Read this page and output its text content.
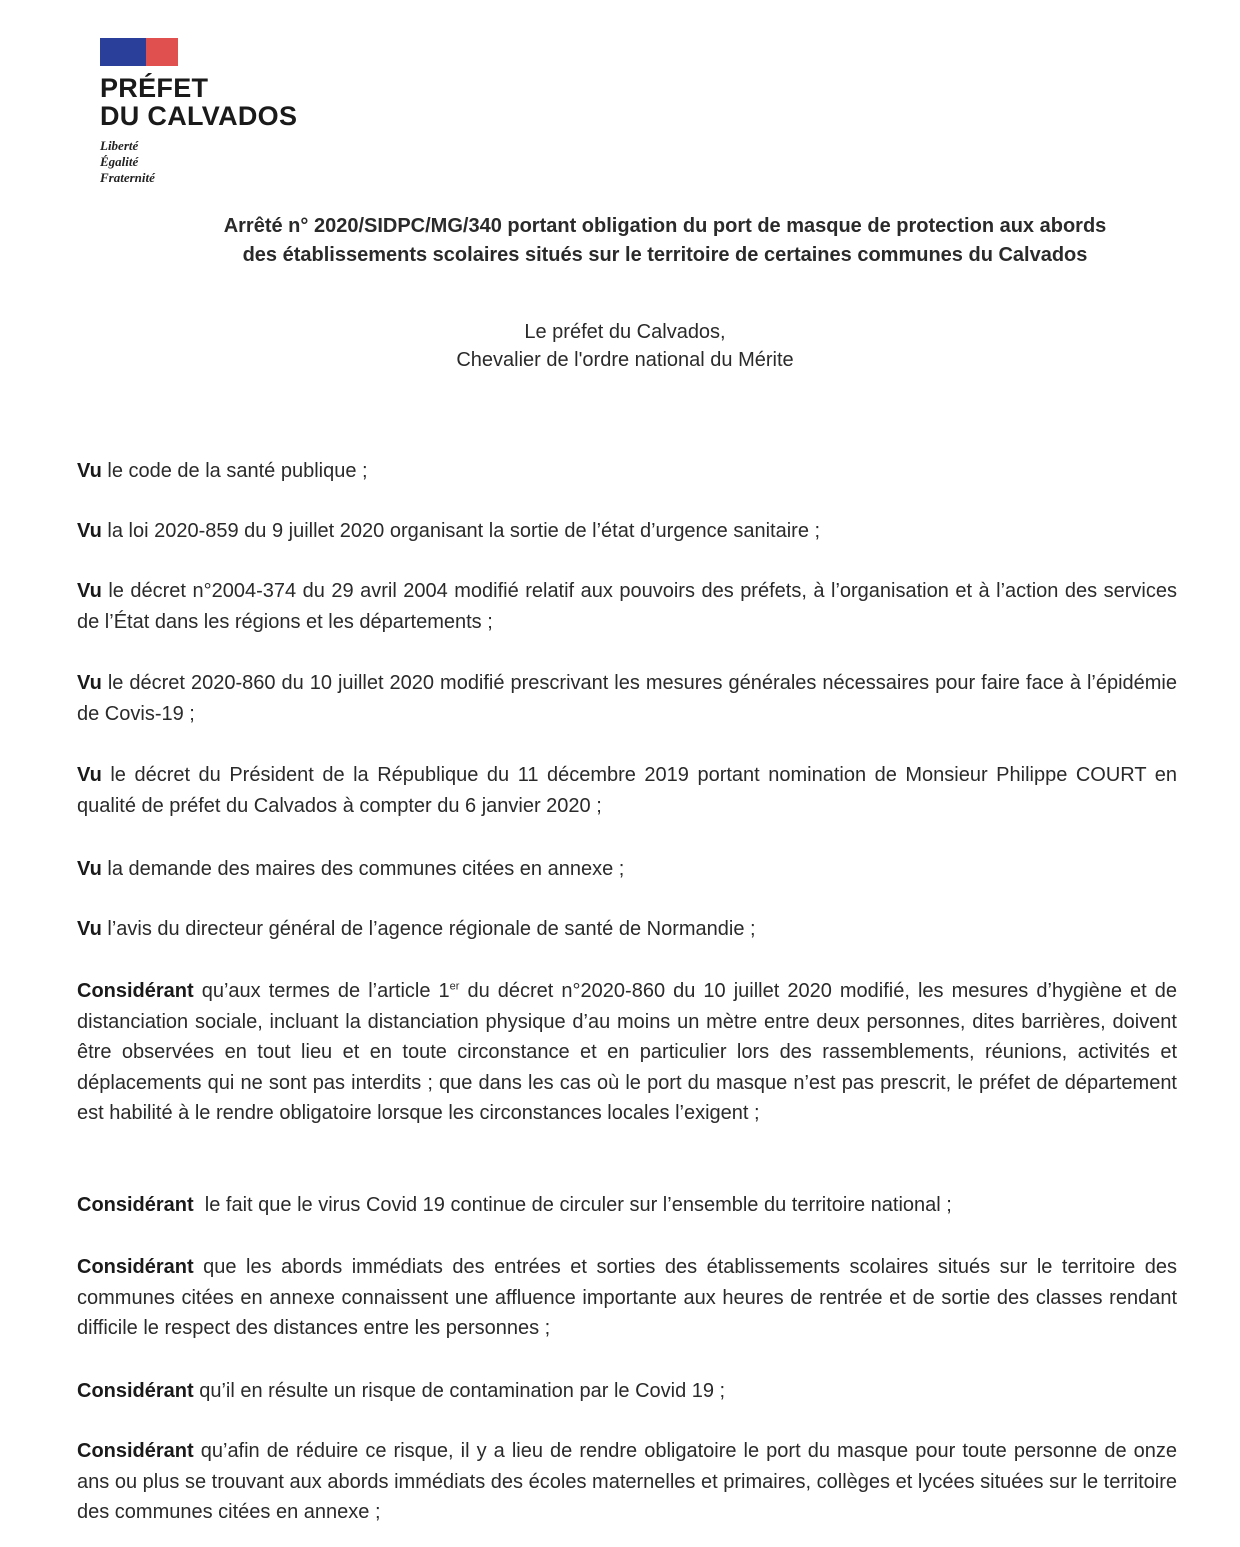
PRÉFET
DU CALVADOS
Liberté
Égalité
Fraternité
Arrêté n° 2020/SIDPC/MG/340 portant obligation du port de masque de protection aux abords
des établissements scolaires situés sur le territoire de certaines communes du Calvados
Le préfet du Calvados,
Chevalier de l'ordre national du Mérite

Vu le code de la santé publique ;

Vu la loi 2020-859 du 9 juillet 2020 organisant la sortie de l’état d’urgence sanitaire ;

Vu le décret n°2004-374 du 29 avril 2004 modifié relatif aux pouvoirs des préfets, à l’organisation et à l’action des services de l’État dans les régions et les départements ;

Vu le décret 2020-860 du 10 juillet 2020 modifié prescrivant les mesures générales nécessaires pour faire face à l’épidémie de Covis-19 ;

Vu le décret du Président de la République du 11 décembre 2019 portant nomination de Monsieur Philippe COURT en qualité de préfet du Calvados à compter du 6 janvier 2020 ;

Vu la demande des maires des communes citées en annexe ;

Vu l’avis du directeur général de l’agence régionale de santé de Normandie ;

Considérant qu’aux termes de l’article 1er du décret n°2020-860 du 10 juillet 2020 modifié, les mesures d’hygiène et de distanciation sociale, incluant la distanciation physique d’au moins un mètre entre deux personnes, dites barrières, doivent être observées en tout lieu et en toute circonstance et en particulier lors des rassemblements, réunions, activités et déplacements qui ne sont pas interdits ; que dans les cas où le port du masque n’est pas prescrit, le préfet de département est habilité à le rendre obligatoire lorsque les circonstances locales l’exigent ;

Considérant  le fait que le virus Covid 19 continue de circuler sur l’ensemble du territoire national ;

Considérant que les abords immédiats des entrées et sorties des établissements scolaires situés sur le territoire des communes citées en annexe connaissent une affluence importante aux heures de rentrée et de sortie des classes rendant difficile le respect des distances entre les personnes ;

Considérant qu’il en résulte un risque de contamination par le Covid 19 ;

Considérant qu’afin de réduire ce risque, il y a lieu de rendre obligatoire le port du masque pour toute personne de onze ans ou plus se trouvant aux abords immédiats des écoles maternelles et primaires, collèges et lycées situées sur le territoire des communes citées en annexe ;
